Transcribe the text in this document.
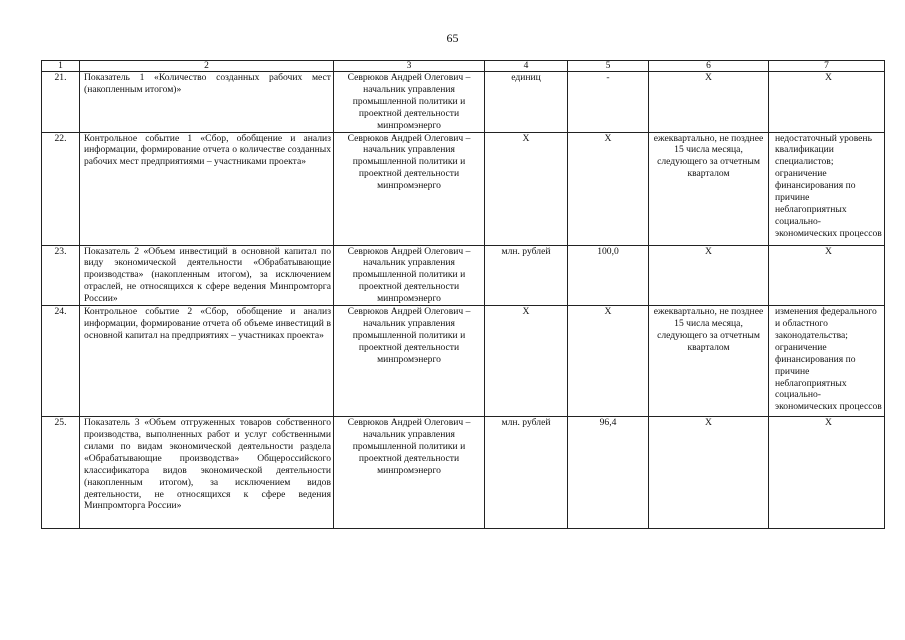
65
1	2	3	4	5	6	7
21.	Показатель 1 «Количество созданных рабочих мест (накопленным итогом)»	Севрюков Андрей Олегович – начальник управления промышленной политики и проектной деятельности минпромэнерго	единиц	-	Х	Х
22.	Контрольное событие 1 «Сбор, обобщение и анализ информации, формирование отчета о количестве созданных рабочих мест предприятиями – участниками проекта»	Севрюков Андрей Олегович – начальник управления промышленной политики и проектной деятельности минпромэнерго	Х	Х	ежеквартально, не позднее 15 числа месяца, следующего за отчетным кварталом	недостаточный уровень квалификации специалистов; ограничение финансирования по причине неблагоприятных социально-экономических процессов
23.	Показатель 2 «Объем инвестиций в основной капитал по виду экономической деятельности «Обрабатывающие производства» (накопленным итогом), за исключением отраслей, не относящихся к сфере ведения Минпромторга России»	Севрюков Андрей Олегович – начальник управления промышленной политики и проектной деятельности минпромэнерго	млн. рублей	100,0	Х	Х
24.	Контрольное событие 2 «Сбор, обобщение и анализ информации, формирование отчета об объеме инвестиций в основной капитал на предприятиях – участниках проекта»	Севрюков Андрей Олегович – начальник управления промышленной политики и проектной деятельности минпромэнерго	Х	Х	ежеквартально, не позднее 15 числа месяца, следующего за отчетным кварталом	изменения федерального и областного законодательства; ограничение финансирования по причине неблагоприятных социально-экономических процессов
25.	Показатель 3 «Объем отгруженных товаров собственного производства, выполненных работ и услуг собственными силами по видам экономической деятельности раздела «Обрабатывающие производства» Общероссийского классификатора видов экономической деятельности (накопленным итогом), за исключением видов деятельности, не относящихся к сфере ведения Минпромторга России»	Севрюков Андрей Олегович – начальник управления промышленной политики и проектной деятельности минпромэнерго	млн. рублей	96,4	Х	Х
